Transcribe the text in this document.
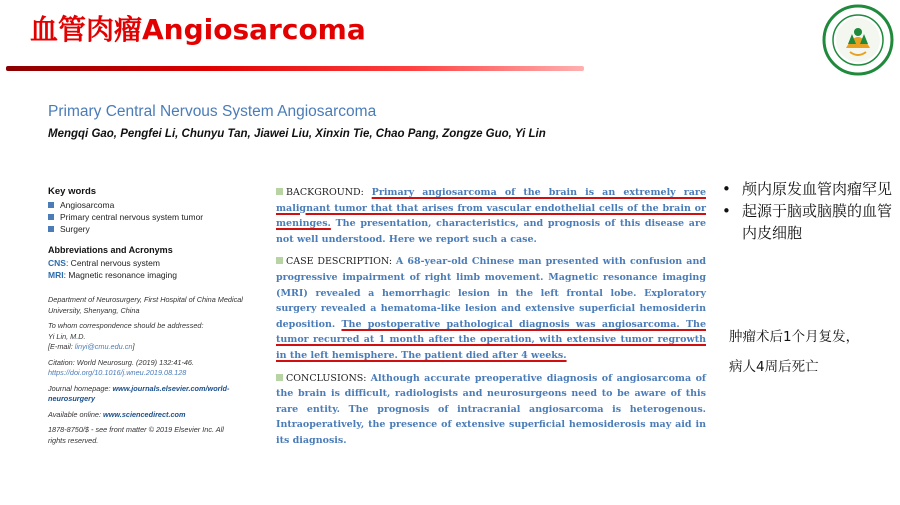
血管肉瘤Angiosarcoma
Primary Central Nervous System Angiosarcoma
Mengqi Gao, Pengfei Li, Chunyu Tan, Jiawei Liu, Xinxin Tie, Chao Pang, Zongze Guo, Yi Lin
Key words
Angiosarcoma
Primary central nervous system tumor
Surgery
Abbreviations and Acronyms
CNS: Central nervous system
MRI: Magnetic resonance imaging
Department of Neurosurgery, First Hospital of China Medical
University, Shenyang, China
To whom correspondence should be addressed:
Yi Lin, M.D.
[E-mail: linyi@cmu.edu.cn]
Citation: World Neurosurg. (2019) 132:41-46.
https://doi.org/10.1016/j.wneu.2019.08.128
Journal homepage: www.journals.elsevier.com/world-
neurosurgery
Available online: www.sciencedirect.com
1878-8750/$ - see front matter © 2019 Elsevier Inc. All
rights reserved.

BACKGROUND: Primary angiosarcoma of the brain is an extremely rare malignant tumor that that arises from vascular endothelial cells of the brain or meninges. The presentation, characteristics, and prognosis of this disease are not well understood. Here we report such a case.

CASE DESCRIPTION: A 68-year-old Chinese man presented with confusion and progressive impairment of right limb movement. Magnetic resonance imaging (MRI) revealed a hemorrhagic lesion in the left frontal lobe. Exploratory surgery revealed a hematoma-like lesion and extensive superficial hemosiderin deposition. The postoperative pathological diagnosis was angiosarcoma. The tumor recurred at 1 month after the operation, with extensive tumor regrowth in the left hemisphere. The patient died after 4 weeks.

CONCLUSIONS: Although accurate preoperative diagnosis of angiosarcoma of the brain is difficult, radiologists and neurosurgeons need to be aware of this rare entity. The prognosis of intracranial angiosarcoma is heterogenous. Intraoperatively, the presence of extensive superficial hemosiderosis may aid in its diagnosis.

• 颅内原发血管肉瘤罕见
• 起源于脑或脑膜的血管内皮细胞
肿瘤术后1个月复发，
病人4周后死亡
